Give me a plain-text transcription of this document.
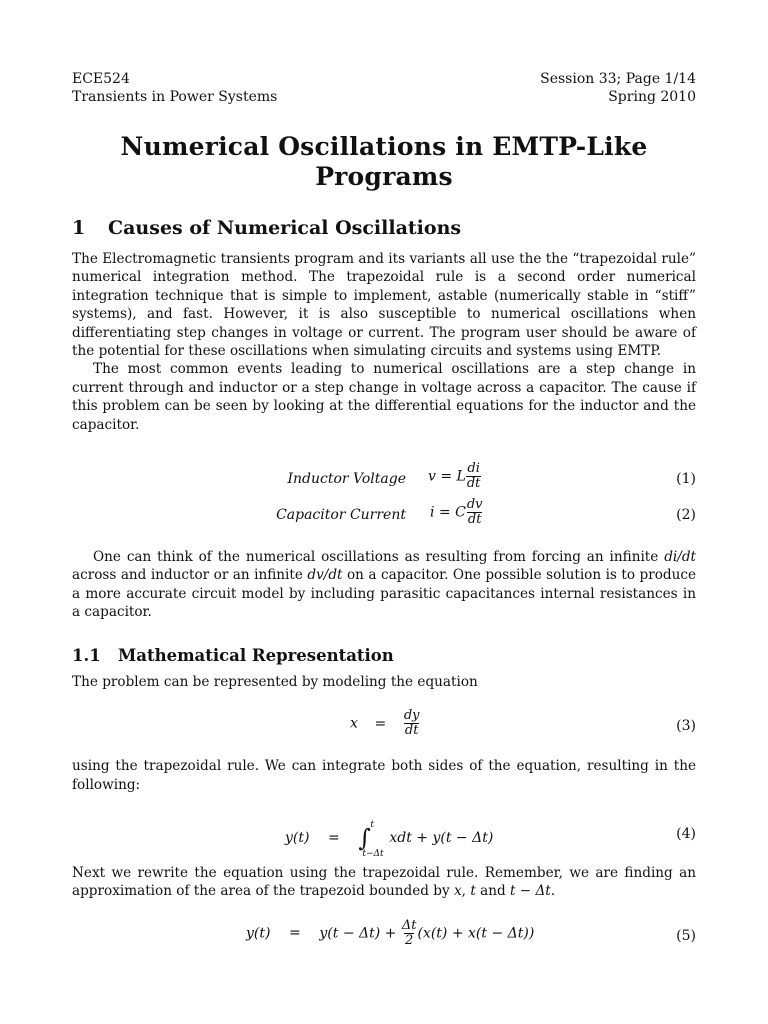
ECE524
Transients in Power Systems
Session 33; Page 1/14
Spring 2010
Numerical Oscillations in EMTP-Like Programs
1 Causes of Numerical Oscillations

The Electromagnetic transients program and its variants all use the the “trapezoidal rule” numerical integration method. The trapezoidal rule is a second order numerical integration technique that is simple to implement, astable (numerically stable in “stiff” systems), and fast. However, it is also susceptible to numerical oscillations when differentiating step changes in voltage or current. The program user should be aware of the potential for these oscillations when simulating circuits and systems using EMTP.

The most common events leading to numerical oscillations are a step change in current through and inductor or a step change in voltage across a capacitor. The cause if this problem can be seen by looking at the differential equations for the inductor and the capacitor.

Inductor Voltage v = L $\frac{di}{dt}$	(1)
Capacitor Current i = C $\frac{dv}{dt}$	(2)

One can think of the numerical oscillations as resulting from forcing an infinite di/dt across and inductor or an infinite dv/dt on a capacitor. One possible solution is to produce a more accurate circuit model by including parasitic capacitances internal resistances in a capacitor.

1.1 Mathematical Representation

The problem can be represented by modeling the equation

$x = \frac{dy}{dt}$	(3)

using the trapezoidal rule. We can integrate both sides of the equation, resulting in the following:

y(t) = ∫ t
t−Δt
xdt + y(t − Δt)	(4)

Next we rewrite the equation using the trapezoidal rule. Remember, we are finding an approximation of the area of the trapezoid bounded by x, t and t − Δt.

$y(t) = y(t - \Delta t) + \frac{\Delta t}{2} (x(t) + x(t - \Delta t))$	(5)
